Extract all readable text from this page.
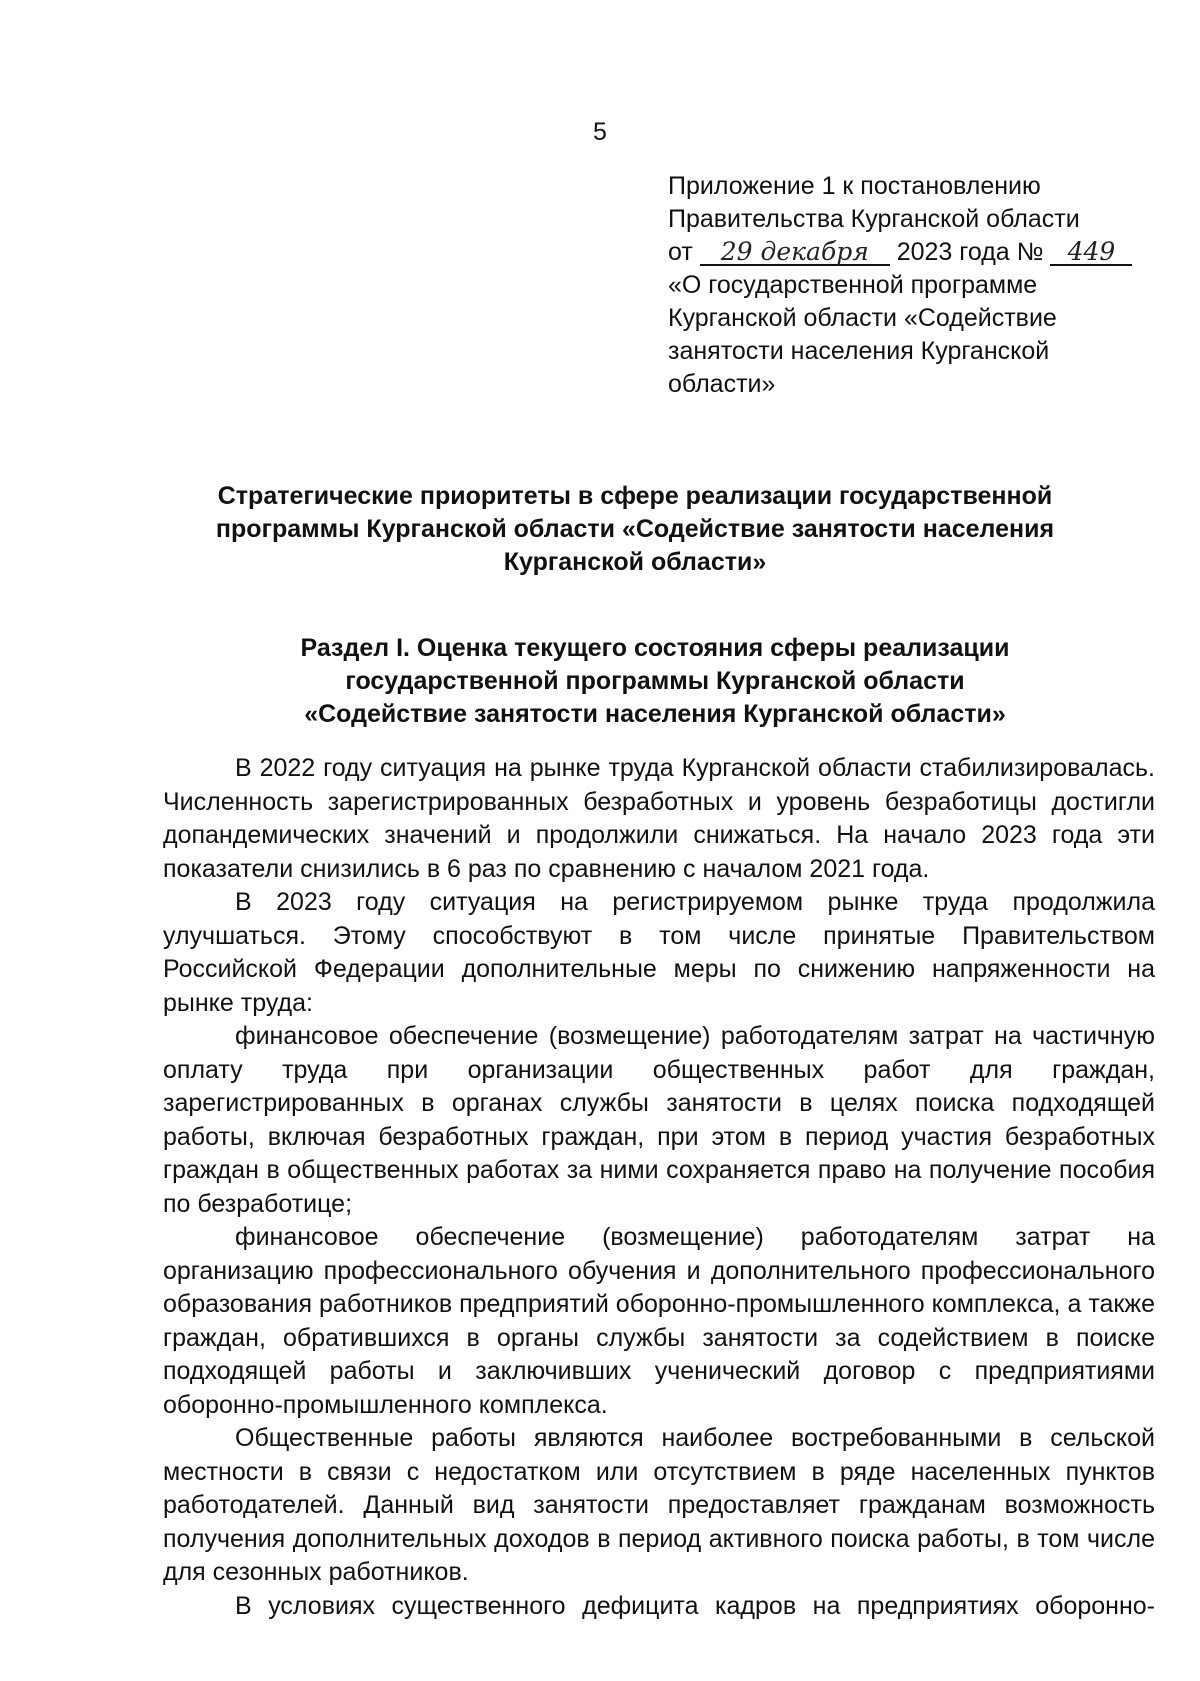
5
Приложение 1 к постановлению
Правительства Курганской области
от 29 декабря 2023 года № 449
«О государственной программе
Курганской области «Содействие
занятости населения Курганской
области»
Стратегические приоритеты в сфере реализации государственной
программы Курганской области «Содействие занятости населения
Курганской области»
Раздел I. Оценка текущего состояния сферы реализации
государственной программы Курганской области
«Содействие занятости населения Курганской области»

В 2022 году ситуация на рынке труда Курганской области стабилизировалась. Численность зарегистрированных безработных и уровень безработицы достигли допандемических значений и продолжили снижаться. На начало 2023 года эти показатели снизились в 6 раз по сравнению с началом 2021 года.

В 2023 году ситуация на регистрируемом рынке труда продолжила улучшаться. Этому способствуют в том числе принятые Правительством Российской Федерации дополнительные меры по снижению напряженности на рынке труда:

финансовое обеспечение (возмещение) работодателям затрат на частичную оплату труда при организации общественных работ для граждан, зарегистрированных в органах службы занятости в целях поиска подходящей работы, включая безработных граждан, при этом в период участия безработных граждан в общественных работах за ними сохраняется право на получение пособия по безработице;

финансовое обеспечение (возмещение) работодателям затрат на организацию профессионального обучения и дополнительного профессионального образования работников предприятий оборонно-промышленного комплекса, а также граждан, обратившихся в органы службы занятости за содействием в поиске подходящей работы и заключивших ученический договор с предприятиями оборонно-промышленного комплекса.

Общественные работы являются наиболее востребованными в сельской местности в связи с недостатком или отсутствием в ряде населенных пунктов работодателей. Данный вид занятости предоставляет гражданам возможность получения дополнительных доходов в период активного поиска работы, в том числе для сезонных работников.

В условиях существенного дефицита кадров на предприятиях оборонно-
